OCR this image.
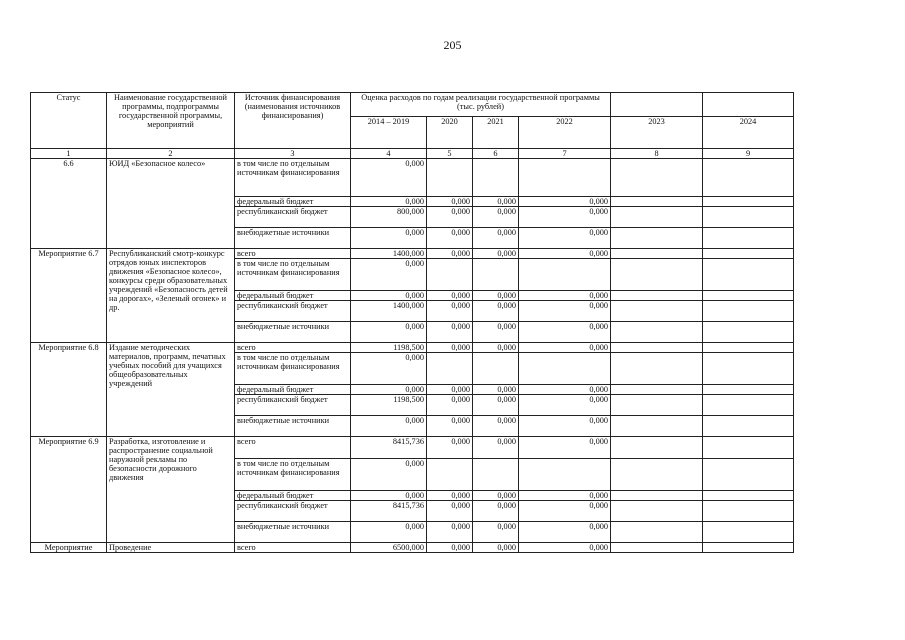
205
Статус	Наименование государственной программы, подпрограммы государственной программы, мероприятий	Источник финансирования (наименования источников финансирования)	Оценка расходов по годам реализации государственной программы (тыс. рублей)					
			2014 – 2019	2020	2021	2022	2023	2024
1	2	3	4	5	6	7	8	9
6.6	ЮИД «Безопасное колесо»	в том числе по отдельным источникам финансирования	0,000					
		федеральный бюджет	0,000	0,000	0,000	0,000		
		республиканский бюджет	800,000	0,000	0,000	0,000		
		внебюджетные источники	0,000	0,000	0,000	0,000		
Мероприятие 6.7	Республиканский смотр-конкурс отрядов юных инспекторов движения «Безопасное колесо», конкурсы среди образовательных учреждений «Безопасность детей на дорогах», «Зеленый огонек» и др.	всего	1400,000	0,000	0,000	0,000		
		в том числе по отдельным источникам финансирования	0,000					
		федеральный бюджет	0,000	0,000	0,000	0,000		
		республиканский бюджет	1400,000	0,000	0,000	0,000		
		внебюджетные источники	0,000	0,000	0,000	0,000		
Мероприятие 6.8	Издание методических материалов, программ, печатных учебных пособий для учащихся общеобразовательных учреждений	всего	1198,500	0,000	0,000	0,000		
		в том числе по отдельным источникам финансирования	0,000					
		федеральный бюджет	0,000	0,000	0,000	0,000		
		республиканский бюджет	1198,500	0,000	0,000	0,000		
		внебюджетные источники	0,000	0,000	0,000	0,000		
Мероприятие 6.9	Разработка, изготовление и распространение социальной наружной рекламы по безопасности дорожного движения	всего	8415,736	0,000	0,000	0,000		
		в том числе по отдельным источникам финансирования	0,000					
		федеральный бюджет	0,000	0,000	0,000	0,000		
		республиканский бюджет	8415,736	0,000	0,000	0,000		
		внебюджетные источники	0,000	0,000	0,000	0,000		
Мероприятие	Проведение	всего	6500,000	0,000	0,000	0,000		
